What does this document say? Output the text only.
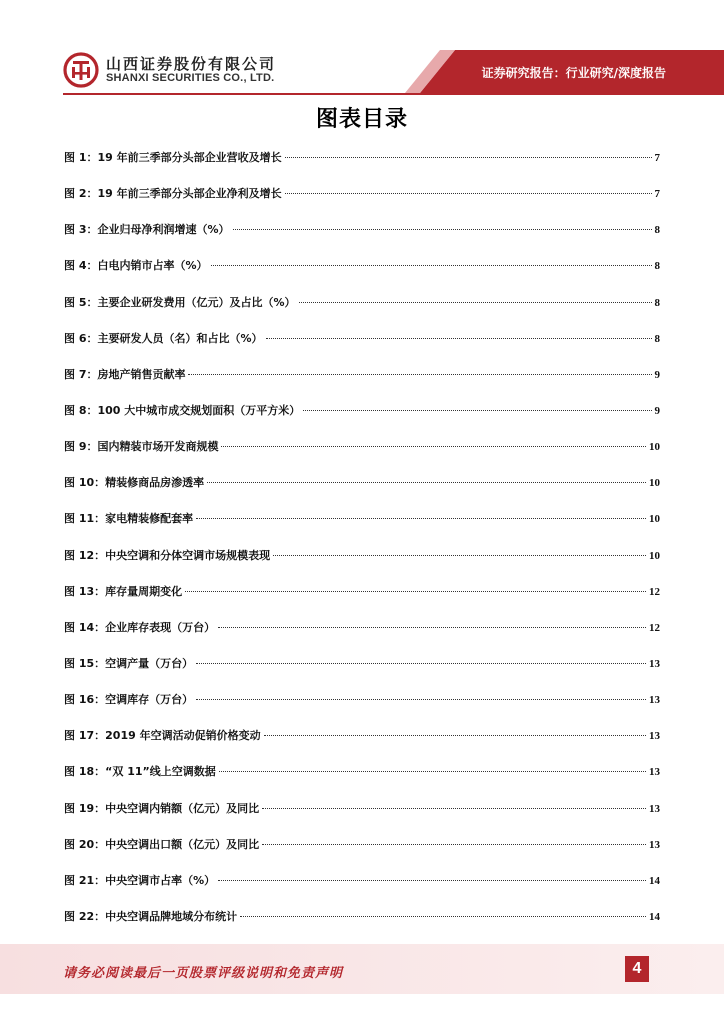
证券研究报告：行业研究/深度报告
山西证券股份有限公司
SHANXI SECURITIES CO., LTD.
图表目录
图 1：19 年前三季部分头部企业营收及增长	7
图 2：19 年前三季部分头部企业净利及增长	7
图 3：企业归母净利润增速（%）	8
图 4：白电内销市占率（%）	8
图 5：主要企业研发费用（亿元）及占比（%）	8
图 6：主要研发人员（名）和占比（%）	8
图 7：房地产销售贡献率	9
图 8：100 大中城市成交规划面积（万平方米）	9
图 9：国内精装市场开发商规模	10
图 10：精装修商品房渗透率	10
图 11：家电精装修配套率	10
图 12：中央空调和分体空调市场规模表现	10
图 13：库存量周期变化	12
图 14：企业库存表现（万台）	12
图 15：空调产量（万台）	13
图 16：空调库存（万台）	13
图 17：2019 年空调活动促销价格变动	13
图 18：“双 11”线上空调数据	13
图 19：中央空调内销额（亿元）及同比	13
图 20：中央空调出口额（亿元）及同比	13
图 21：中央空调市占率（%）	14
图 22：中央空调品牌地域分布统计	14
请务必阅读最后一页股票评级说明和免责声明	4
